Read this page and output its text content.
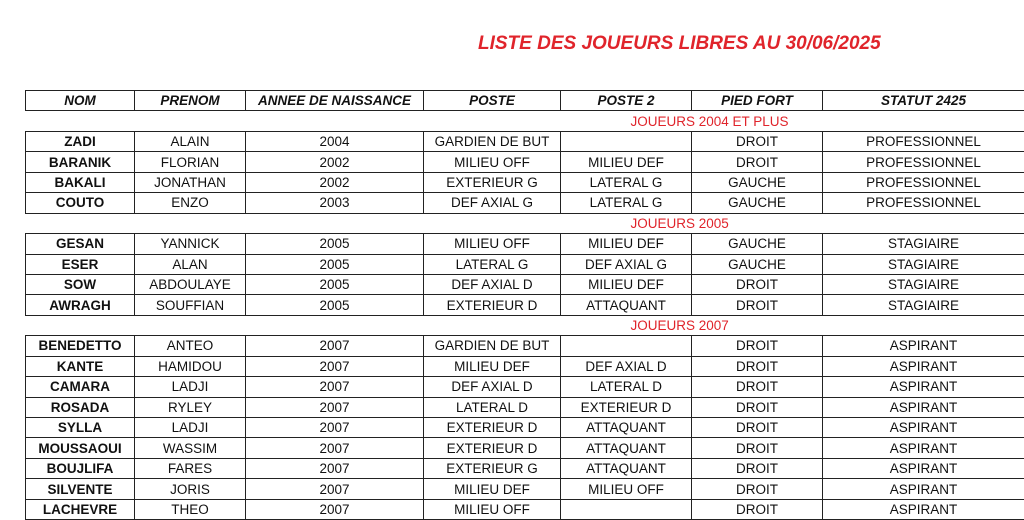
LISTE DES JOUEURS LIBRES AU 30/06/2025
NOM	PRENOM	ANNEE DE NAISSANCE	POSTE	POSTE 2	PIED FORT	STATUT 2425
				JOUEURS 2004 ET PLUS		
ZADI	ALAIN	2004	GARDIEN DE BUT		DROIT	PROFESSIONNEL
BARANIK	FLORIAN	2002	MILIEU OFF	MILIEU DEF	DROIT	PROFESSIONNEL
BAKALI	JONATHAN	2002	EXTERIEUR G	LATERAL G	GAUCHE	PROFESSIONNEL
COUTO	ENZO	2003	DEF AXIAL G	LATERAL G	GAUCHE	PROFESSIONNEL
				JOUEURS 2005		
GESAN	YANNICK	2005	MILIEU OFF	MILIEU DEF	GAUCHE	STAGIAIRE
ESER	ALAN	2005	LATERAL G	DEF AXIAL G	GAUCHE	STAGIAIRE
SOW	ABDOULAYE	2005	DEF AXIAL D	MILIEU DEF	DROIT	STAGIAIRE
AWRAGH	SOUFFIAN	2005	EXTERIEUR D	ATTAQUANT	DROIT	STAGIAIRE
				JOUEURS 2007		
BENEDETTO	ANTEO	2007	GARDIEN DE BUT		DROIT	ASPIRANT
KANTE	HAMIDOU	2007	MILIEU DEF	DEF AXIAL D	DROIT	ASPIRANT
CAMARA	LADJI	2007	DEF AXIAL D	LATERAL D	DROIT	ASPIRANT
ROSADA	RYLEY	2007	LATERAL D	EXTERIEUR D	DROIT	ASPIRANT
SYLLA	LADJI	2007	EXTERIEUR D	ATTAQUANT	DROIT	ASPIRANT
MOUSSAOUI	WASSIM	2007	EXTERIEUR D	ATTAQUANT	DROIT	ASPIRANT
BOUJLIFA	FARES	2007	EXTERIEUR G	ATTAQUANT	DROIT	ASPIRANT
SILVENTE	JORIS	2007	MILIEU DEF	MILIEU OFF	DROIT	ASPIRANT
LACHEVRE	THEO	2007	MILIEU OFF		DROIT	ASPIRANT
